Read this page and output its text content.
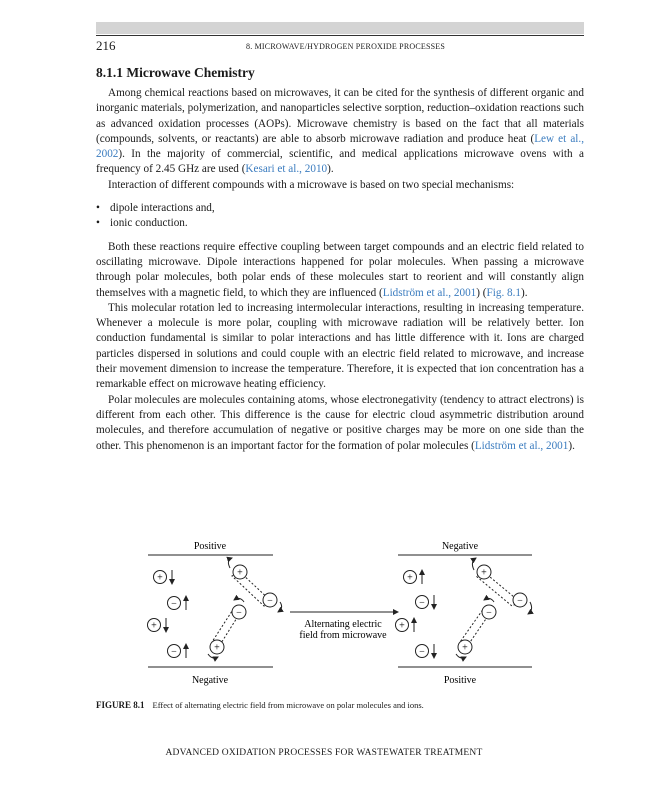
216	8. MICROWAVE/HYDROGEN PEROXIDE PROCESSES
8.1.1 Microwave Chemistry

Among chemical reactions based on microwaves, it can be cited for the synthesis of different organic and inorganic materials, polymerization, and nanoparticles selective sorption, reduction–oxidation reactions such as advanced oxidation processes (AOPs). Microwave chemistry is based on the fact that all materials (compounds, solvents, or reactants) are able to absorb microwave radiation and produce heat (Lew et al., 2002). In the majority of commercial, scientific, and medical applications microwave ovens with a frequency of 2.45 GHz are used (Kesari et al., 2010).

Interaction of different compounds with a microwave is based on two special mechanisms:

• dipole interactions and,
• ionic conduction.

Both these reactions require effective coupling between target compounds and an electric field related to oscillating microwave. Dipole interactions happened for polar molecules. When passing a microwave through polar molecules, both polar ends of these molecules start to reorient and will constantly align themselves with a magnetic field, to which they are influenced (Lidström et al., 2001) (Fig. 8.1).

This molecular rotation led to increasing intermolecular interactions, resulting in increasing temperature. Whenever a molecule is more polar, coupling with microwave radiation will be relatively better. Ion conduction fundamental is similar to polar interactions and has little difference with it. Ions are charged particles dispersed in solutions and could couple with an electric field related to microwave, and increase their movement dimension to increase the temperature. Therefore, it is expected that ion concentration has a remarkable effect on microwave heating efficiency.

Polar molecules are molecules containing atoms, whose electronegativity (tendency to attract electrons) is different from each other. This difference is the cause for electric cloud asymmetric distribution around molecules, and therefore accumulation of negative or positive charges may be more on one side than the other. This phenomenon is an important factor for the formation of polar molecules (Lidström et al., 2001).

Positive
Negative
+
−
+
−
+
−
−
+
Alternating electric
field from microwave
Negative
Positive
+
−
+
−
+
−
−
+
FIGURE 8.1 Effect of alternating electric field from microwave on polar molecules and ions.
ADVANCED OXIDATION PROCESSES FOR WASTEWATER TREATMENT
